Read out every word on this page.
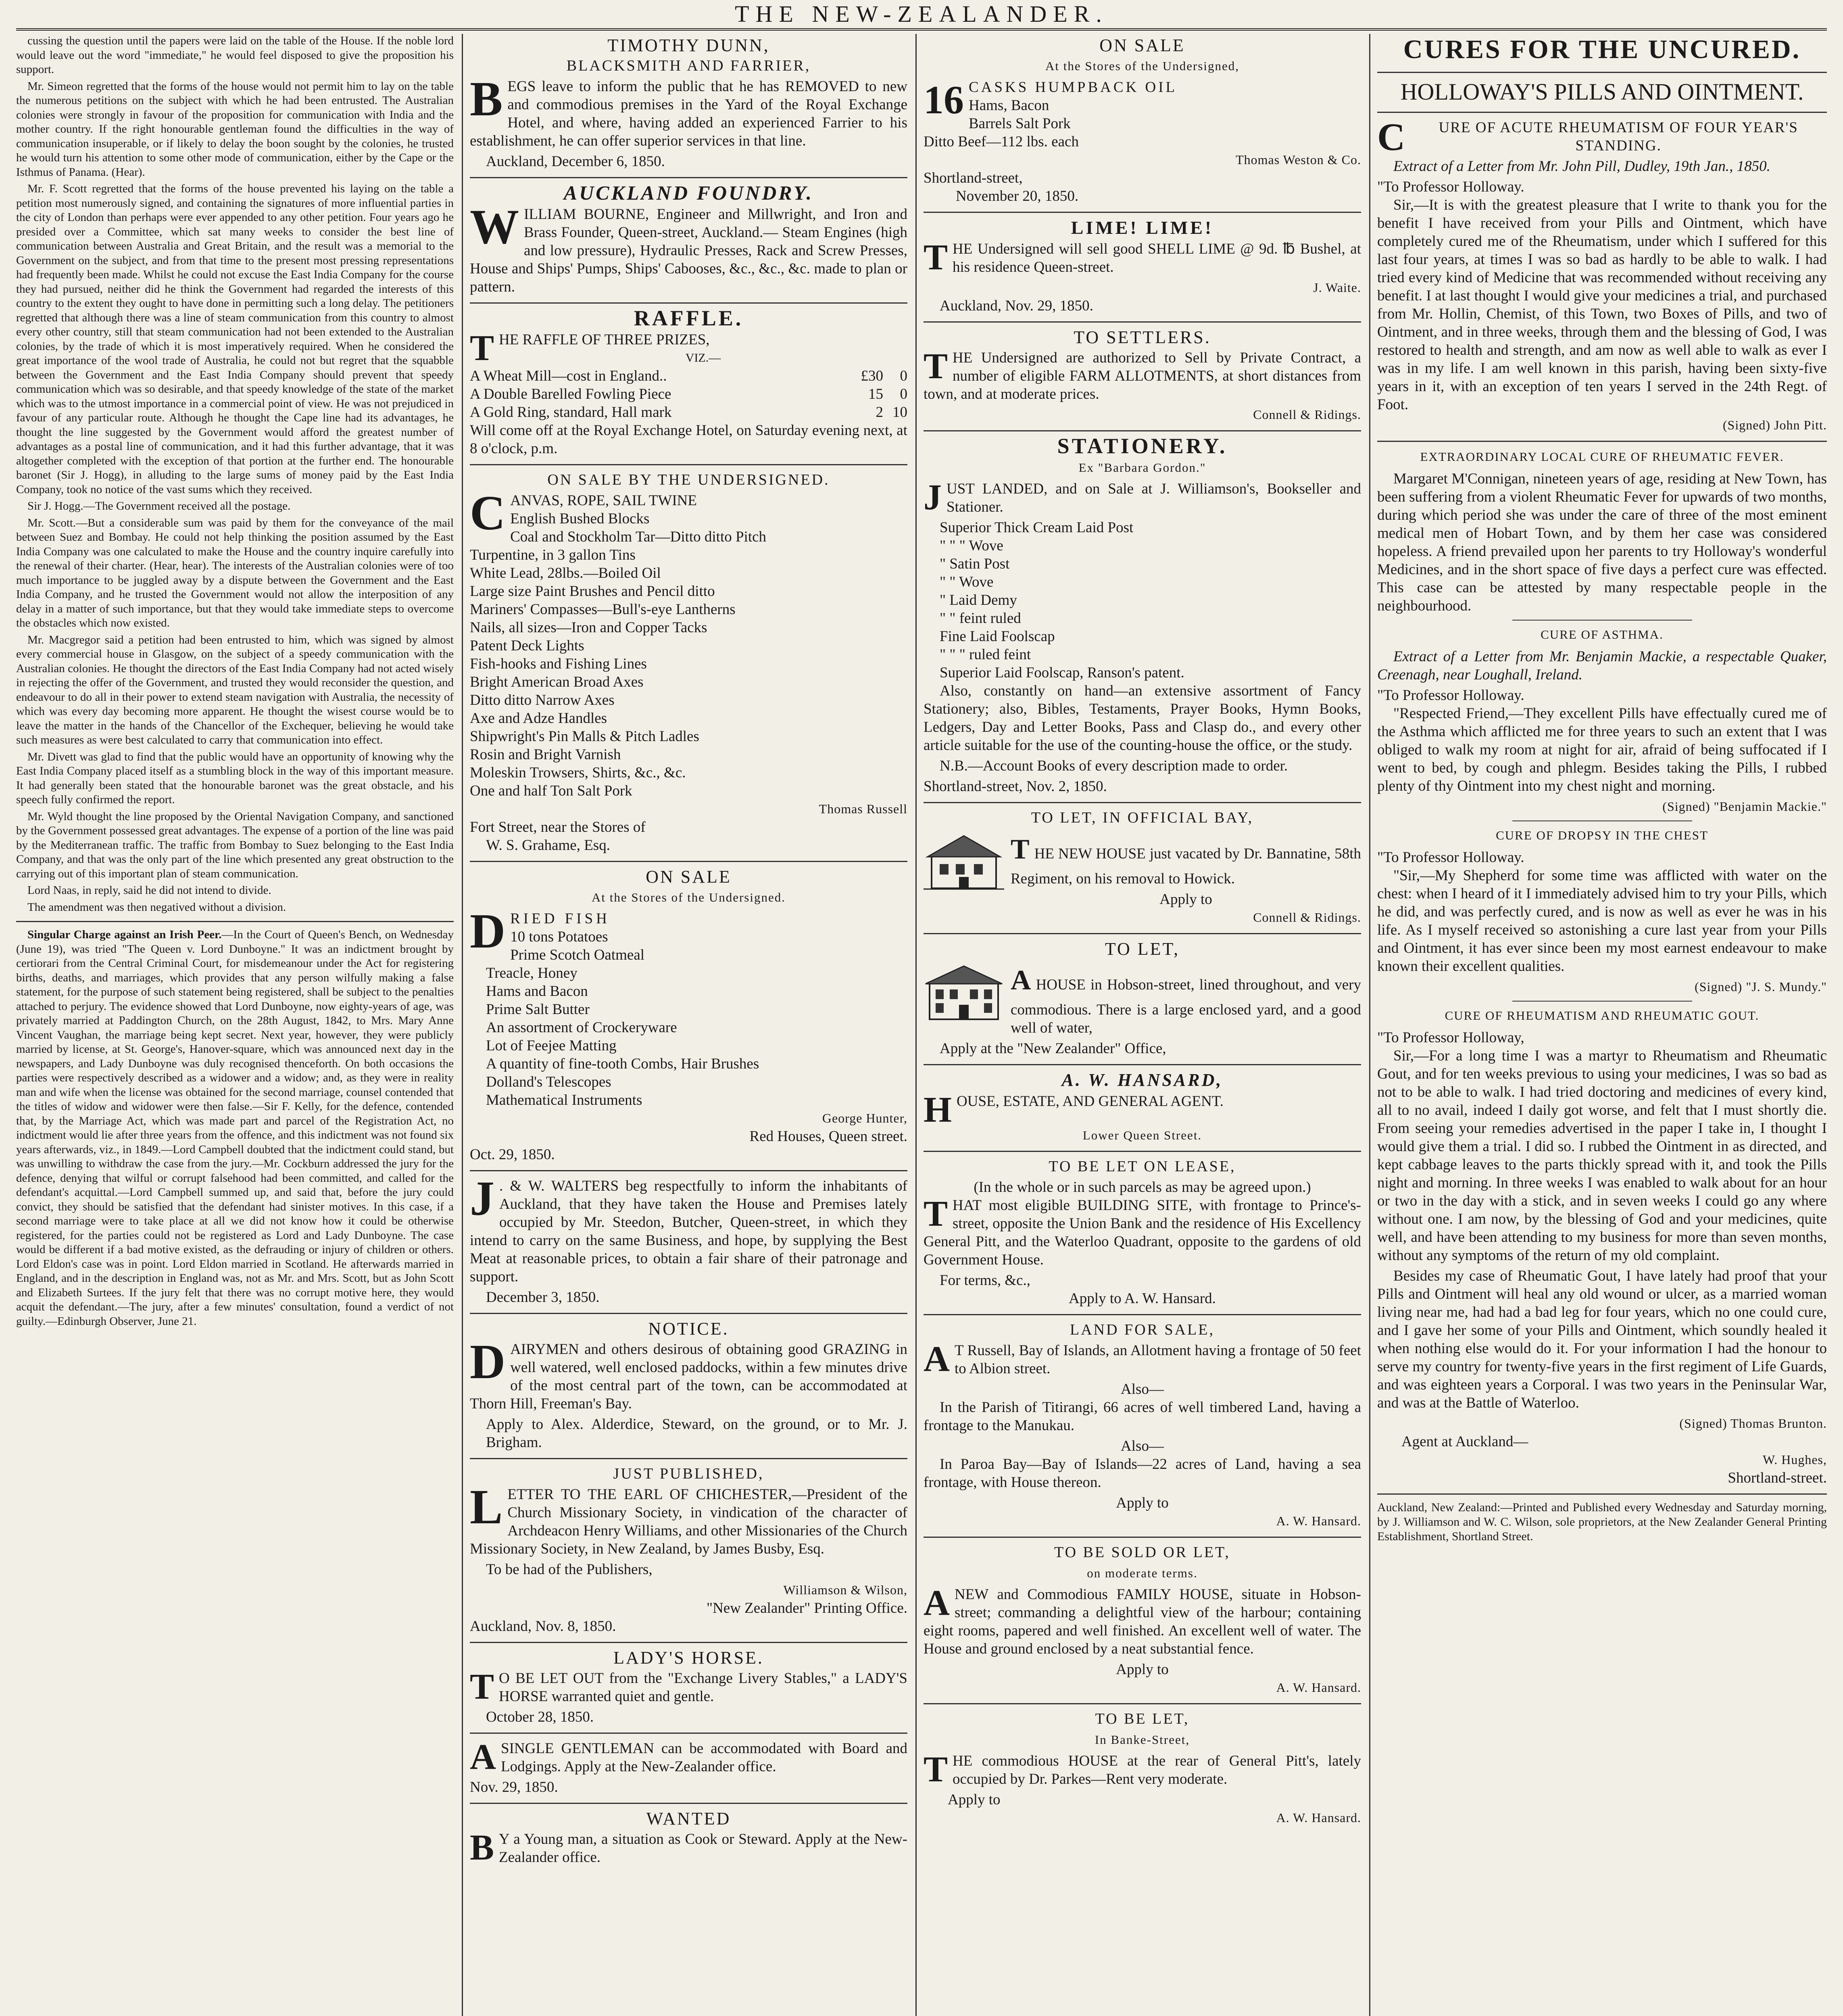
THE NEW-ZEALANDER.

cussing the question until the papers were laid on the table of the House. If the noble lord would leave out the word "immediate," he would feel disposed to give the proposition his support.

Mr. Simeon regretted that the forms of the house would not permit him to lay on the table the numerous petitions on the subject with which he had been entrusted. The Australian colonies were strongly in favour of the proposition for communication with India and the mother country. If the right honourable gentleman found the difficulties in the way of communication insuperable, or if likely to delay the boon sought by the colonies, he trusted he would turn his attention to some other mode of communication, either by the Cape or the Isthmus of Panama. (Hear).

Mr. F. Scott regretted that the forms of the house prevented his laying on the table a petition most numerously signed, and containing the signatures of more influential parties in the city of London than perhaps were ever appended to any other petition. Four years ago he presided over a Committee, which sat many weeks to consider the best line of communication between Australia and Great Britain, and the result was a memorial to the Government on the subject, and from that time to the present most pressing representations had frequently been made. Whilst he could not excuse the East India Company for the course they had pursued, neither did he think the Government had regarded the interests of this country to the extent they ought to have done in permitting such a long delay. The petitioners regretted that although there was a line of steam communication from this country to almost every other country, still that steam communication had not been extended to the Australian colonies, by the trade of which it is most imperatively required. When he considered the great importance of the wool trade of Australia, he could not but regret that the squabble between the Government and the East India Company should prevent that speedy communication which was so desirable, and that speedy knowledge of the state of the market which was to the utmost importance in a commercial point of view. He was not prejudiced in favour of any particular route. Although he thought the Cape line had its advantages, he thought the line suggested by the Government would afford the greatest number of advantages as a postal line of communication, and it had this further advantage, that it was altogether completed with the exception of that portion at the further end. The honourable baronet (Sir J. Hogg), in alluding to the large sums of money paid by the East India Company, took no notice of the vast sums which they received.

Sir J. Hogg.—The Government received all the postage.

Mr. Scott.—But a considerable sum was paid by them for the conveyance of the mail between Suez and Bombay. He could not help thinking the position assumed by the East India Company was one calculated to make the House and the country inquire carefully into the renewal of their charter. (Hear, hear). The interests of the Australian colonies were of too much importance to be juggled away by a dispute between the Government and the East India Company, and he trusted the Government would not allow the interposition of any delay in a matter of such importance, but that they would take immediate steps to overcome the obstacles which now existed.

Mr. Macgregor said a petition had been entrusted to him, which was signed by almost every commercial house in Glasgow, on the subject of a speedy communication with the Australian colonies. He thought the directors of the East India Company had not acted wisely in rejecting the offer of the Government, and trusted they would reconsider the question, and endeavour to do all in their power to extend steam navigation with Australia, the necessity of which was every day becoming more apparent. He thought the wisest course would be to leave the matter in the hands of the Chancellor of the Exchequer, believing he would take such measures as were best calculated to carry that communication into effect.

Mr. Divett was glad to find that the public would have an opportunity of knowing why the East India Company placed itself as a stumbling block in the way of this important measure. It had generally been stated that the honourable baronet was the great obstacle, and his speech fully confirmed the report.

Mr. Wyld thought the line proposed by the Oriental Navigation Company, and sanctioned by the Government possessed great advantages. The expense of a portion of the line was paid by the Mediterranean traffic. The traffic from Bombay to Suez belonging to the East India Company, and that was the only part of the line which presented any great obstruction to the carrying out of this important plan of steam communication.

Lord Naas, in reply, said he did not intend to divide.

The amendment was then negatived without a division.

Singular Charge against an Irish Peer.—In the Court of Queen's Bench, on Wednesday (June 19), was tried "The Queen v. Lord Dunboyne." It was an indictment brought by certiorari from the Central Criminal Court, for misdemeanour under the Act for registering births, deaths, and marriages, which provides that any person wilfully making a false statement, for the purpose of such statement being registered, shall be subject to the penalties attached to perjury. The evidence showed that Lord Dunboyne, now eighty-years of age, was privately married at Paddington Church, on the 28th August, 1842, to Mrs. Mary Anne Vincent Vaughan, the marriage being kept secret. Next year, however, they were publicly married by license, at St. George's, Hanover-square, which was announced next day in the newspapers, and Lady Dunboyne was duly recognised thenceforth. On both occasions the parties were respectively described as a widower and a widow; and, as they were in reality man and wife when the license was obtained for the second marriage, counsel contended that the titles of widow and widower were then false.—Sir F. Kelly, for the defence, contended that, by the Marriage Act, which was made part and parcel of the Registration Act, no indictment would lie after three years from the offence, and this indictment was not found six years afterwards, viz., in 1849.—Lord Campbell doubted that the indictment could stand, but was unwilling to withdraw the case from the jury.—Mr. Cockburn addressed the jury for the defence, denying that wilful or corrupt falsehood had been committed, and called for the defendant's acquittal.—Lord Campbell summed up, and said that, before the jury could convict, they should be satisfied that the defendant had sinister motives. In this case, if a second marriage were to take place at all we did not know how it could be otherwise registered, for the parties could not be registered as Lord and Lady Dunboyne. The case would be different if a bad motive existed, as the defrauding or injury of children or others. Lord Eldon's case was in point. Lord Eldon married in Scotland. He afterwards married in England, and in the description in England was, not as Mr. and Mrs. Scott, but as John Scott and Elizabeth Surtees. If the jury felt that there was no corrupt motive here, they would acquit the defendant.—The jury, after a few minutes' consultation, found a verdict of not guilty.—Edinburgh Observer, June 21.

TIMOTHY DUNN,
BLACKSMITH AND FARRIER,

BEGS leave to inform the public that he has REMOVED to new and commodious premises in the Yard of the Royal Exchange Hotel, and where, having added an experienced Farrier to his establishment, he can offer superior services in that line.

Auckland, December 6, 1850.

AUCKLAND FOUNDRY.

WILLIAM BOURNE, Engineer and Millwright, and Iron and Brass Founder, Queen-street, Auckland.— Steam Engines (high and low pressure), Hydraulic Presses, Rack and Screw Presses, House and Ships' Pumps, Ships' Cabooses, &c., &c., &c. made to plan or pattern.

RAFFLE.

THE RAFFLE OF THREE PRIZES,

VIZ.—
A Wheat Mill—cost in England..	£30	0
A Double Barelled Fowling Piece	15	0
A Gold Ring, standard, Hall mark	2 10

Will come off at the Royal Exchange Hotel, on Saturday evening next, at 8 o'clock, p.m.

ON SALE BY THE UNDERSIGNED.
C ANVAS, ROPE, SAIL TWINE
English Bushed Blocks
Coal and Stockholm Tar—Ditto ditto Pitch
Turpentine, in 3 gallon Tins
White Lead, 28lbs.—Boiled Oil
Large size Paint Brushes and Pencil ditto
Mariners' Compasses—Bull's-eye Lantherns
Nails, all sizes—Iron and Copper Tacks
Patent Deck Lights
Fish-hooks and Fishing Lines
Bright American Broad Axes
Ditto ditto Narrow Axes
Axe and Adze Handles
Shipwright's Pin Malls & Pitch Ladles
Rosin and Bright Varnish
Moleskin Trowsers, Shirts, &c., &c.
One and half Ton Salt Pork
Thomas Russell
Fort Street, near the Stores of
W. S. Grahame, Esq.
ON SALE
At the Stores of the Undersigned.
D RIED FISH
10 tons Potatoes
Prime Scotch Oatmeal
Treacle, Honey
Hams and Bacon
Prime Salt Butter
An assortment of Crockeryware
Lot of Feejee Matting
A quantity of fine-tooth Combs, Hair Brushes
Dolland's Telescopes
Mathematical Instruments
George Hunter,
Red Houses, Queen street.
Oct. 29, 1850.

J . & W. WALTERS beg respectfully to inform the inhabitants of Auckland, that they have taken the House and Premises lately occupied by Mr. Steedon, Butcher, Queen-street, in which they intend to carry on the same Business, and hope, by supplying the Best Meat at reasonable prices, to obtain a fair share of their patronage and support.

December 3, 1850.

NOTICE.

DAIRYMEN and others desirous of obtaining good GRAZING in well watered, well enclosed paddocks, within a few minutes drive of the most central part of the town, can be accommodated at Thorn Hill, Freeman's Bay.

Apply to Alex. Alderdice, Steward, on the ground, or to Mr. J. Brigham.

JUST PUBLISHED,

LETTER TO THE EARL OF CHICHESTER,—President of the Church Missionary Society, in vindication of the character of Archdeacon Henry Williams, and other Missionaries of the Church Missionary Society, in New Zealand, by James Busby, Esq.

To be had of the Publishers,

Williamson & Wilson,
"New Zealander" Printing Office.
Auckland, Nov. 8, 1850.
LADY'S HORSE.

T O BE LET OUT from the "Exchange Livery Stables," a LADY'S HORSE warranted quiet and gentle.

October 28, 1850.

ASINGLE GENTLEMAN can be accommodated with Board and Lodgings. Apply at the New-Zealander office.

Nov. 29, 1850.

WANTED

B Y a Young man, a situation as Cook or Steward. Apply at the New-Zealander office.

ON SALE
At the Stores of the Undersigned,
16 CASKS HUMPBACK OIL
Hams, Bacon
Barrels Salt Pork
Ditto Beef—112 lbs. each
Thomas Weston & Co.
Shortland-street,
November 20, 1850.
LIME! LIME!

THE Undersigned will sell good SHELL LIME @ 9d. ℔ Bushel, at his residence Queen-street.

J. Waite.
Auckland, Nov. 29, 1850.
TO SETTLERS.

THE Undersigned are authorized to Sell by Private Contract, a number of eligible FARM ALLOTMENTS, at short distances from town, and at moderate prices.

Connell & Ridings.
STATIONERY.
Ex "Barbara Gordon."

JUST LANDED, and on Sale at J. Williamson's, Bookseller and Stationer.

Superior Thick Cream Laid Post
" " " Wove
" Satin Post
" " Wove
" Laid Demy
" " feint ruled
Fine Laid Foolscap
" " " ruled feint
Superior Laid Foolscap, Ranson's patent.

Also, constantly on hand—an extensive assortment of Fancy Stationery; also, Bibles, Testaments, Prayer Books, Hymn Books, Ledgers, Day and Letter Books, Pass and Clasp do., and every other article suitable for the use of the counting-house the office, or the study.

N.B.—Account Books of every description made to order.

Shortland-street, Nov. 2, 1850.
TO LET, IN OFFICIAL BAY,

THE NEW HOUSE just vacated by Dr. Bannatine, 58th Regiment, on his removal to Howick.

Apply to
Connell & Ridings.
TO LET,

AHOUSE in Hobson-street, lined throughout, and very commodious. There is a large enclosed yard, and a good well of water,

Apply at the "New Zealander" Office,

A. W. HANSARD,

HOUSE, ESTATE, AND GENERAL AGENT.

Lower Queen Street.
TO BE LET ON LEASE,
(In the whole or in such parcels as may be agreed upon.)

THAT most eligible BUILDING SITE, with frontage to Prince's-street, opposite the Union Bank and the residence of His Excellency General Pitt, and the Waterloo Quadrant, opposite to the gardens of old Government House.

For terms, &c.,
Apply to A. W. Hansard.
LAND FOR SALE,

A T Russell, Bay of Islands, an Allotment having a frontage of 50 feet to Albion street.

Also—

In the Parish of Titirangi, 66 acres of well timbered Land, having a frontage to the Manukau.

Also—

In Paroa Bay—Bay of Islands—22 acres of Land, having a sea frontage, with House thereon.

Apply to
A. W. Hansard.
TO BE SOLD OR LET,
on moderate terms.

ANEW and Commodious FAMILY HOUSE, situate in Hobson-street; commanding a delightful view of the harbour; containing eight rooms, papered and well finished. An excellent well of water. The House and ground enclosed by a neat substantial fence.

Apply to
A. W. Hansard.
TO BE LET,
In Banke-Street,

THE commodious HOUSE at the rear of General Pitt's, lately occupied by Dr. Parkes—Rent very moderate.

Apply to
A. W. Hansard.
CURES FOR THE UNCURED.
HOLLOWAY'S PILLS AND OINTMENT.

C URE OF ACUTE RHEUMATISM OF FOUR YEAR'S STANDING.

Extract of a Letter from Mr. John Pill, Dudley, 19th Jan., 1850.

"To Professor Holloway.

Sir,—It is with the greatest pleasure that I write to thank you for the benefit I have received from your Pills and Ointment, which have completely cured me of the Rheumatism, under which I suffered for this last four years, at times I was so bad as hardly to be able to walk. I had tried every kind of Medicine that was recommended without receiving any benefit. I at last thought I would give your medicines a trial, and purchased from Mr. Hollin, Chemist, of this Town, two Boxes of Pills, and two of Ointment, and in three weeks, through them and the blessing of God, I was restored to health and strength, and am now as well able to walk as ever I was in my life. I am well known in this parish, having been sixty-five years in it, with an exception of ten years I served in the 24th Regt. of Foot.

(Signed) John Pitt.
EXTRAORDINARY LOCAL CURE OF RHEUMATIC FEVER.

Margaret M'Connigan, nineteen years of age, residing at New Town, has been suffering from a violent Rheumatic Fever for upwards of two months, during which period she was under the care of three of the most eminent medical men of Hobart Town, and by them her case was considered hopeless. A friend prevailed upon her parents to try Holloway's wonderful Medicines, and in the short space of five days a perfect cure was effected. This case can be attested by many respectable people in the neighbourhood.

CURE OF ASTHMA.

Extract of a Letter from Mr. Benjamin Mackie, a respectable Quaker, Creenagh, near Loughall, Ireland.

"To Professor Holloway.

"Respected Friend,—They excellent Pills have effectually cured me of the Asthma which afflicted me for three years to such an extent that I was obliged to walk my room at night for air, afraid of being suffocated if I went to bed, by cough and phlegm. Besides taking the Pills, I rubbed plenty of thy Ointment into my chest night and morning.

(Signed) "Benjamin Mackie."
CURE OF DROPSY IN THE CHEST
"To Professor Holloway.

"Sir,—My Shepherd for some time was afflicted with water on the chest: when I heard of it I immediately advised him to try your Pills, which he did, and was perfectly cured, and is now as well as ever he was in his life. As I myself received so astonishing a cure last year from your Pills and Ointment, it has ever since been my most earnest endeavour to make known their excellent qualities.

(Signed) "J. S. Mundy."
CURE OF RHEUMATISM AND RHEUMATIC GOUT.
"To Professor Holloway,

Sir,—For a long time I was a martyr to Rheumatism and Rheumatic Gout, and for ten weeks previous to using your medicines, I was so bad as not to be able to walk. I had tried doctoring and medicines of every kind, all to no avail, indeed I daily got worse, and felt that I must shortly die. From seeing your remedies advertised in the paper I take in, I thought I would give them a trial. I did so. I rubbed the Ointment in as directed, and kept cabbage leaves to the parts thickly spread with it, and took the Pills night and morning. In three weeks I was enabled to walk about for an hour or two in the day with a stick, and in seven weeks I could go any where without one. I am now, by the blessing of God and your medicines, quite well, and have been attending to my business for more than seven months, without any symptoms of the return of my old complaint.

Besides my case of Rheumatic Gout, I have lately had proof that your Pills and Ointment will heal any old wound or ulcer, as a married woman living near me, had had a bad leg for four years, which no one could cure, and I gave her some of your Pills and Ointment, which soundly healed it when nothing else would do it. For your information I had the honour to serve my country for twenty-five years in the first regiment of Life Guards, and was eighteen years a Corporal. I was two years in the Peninsular War, and was at the Battle of Waterloo.

(Signed) Thomas Brunton.
Agent at Auckland—
W. Hughes,
Shortland-street.

Auckland, New Zealand:—Printed and Published every Wednesday and Saturday morning, by J. Williamson and W. C. Wilson, sole proprietors, at the New Zealander General Printing Establishment, Shortland Street.
